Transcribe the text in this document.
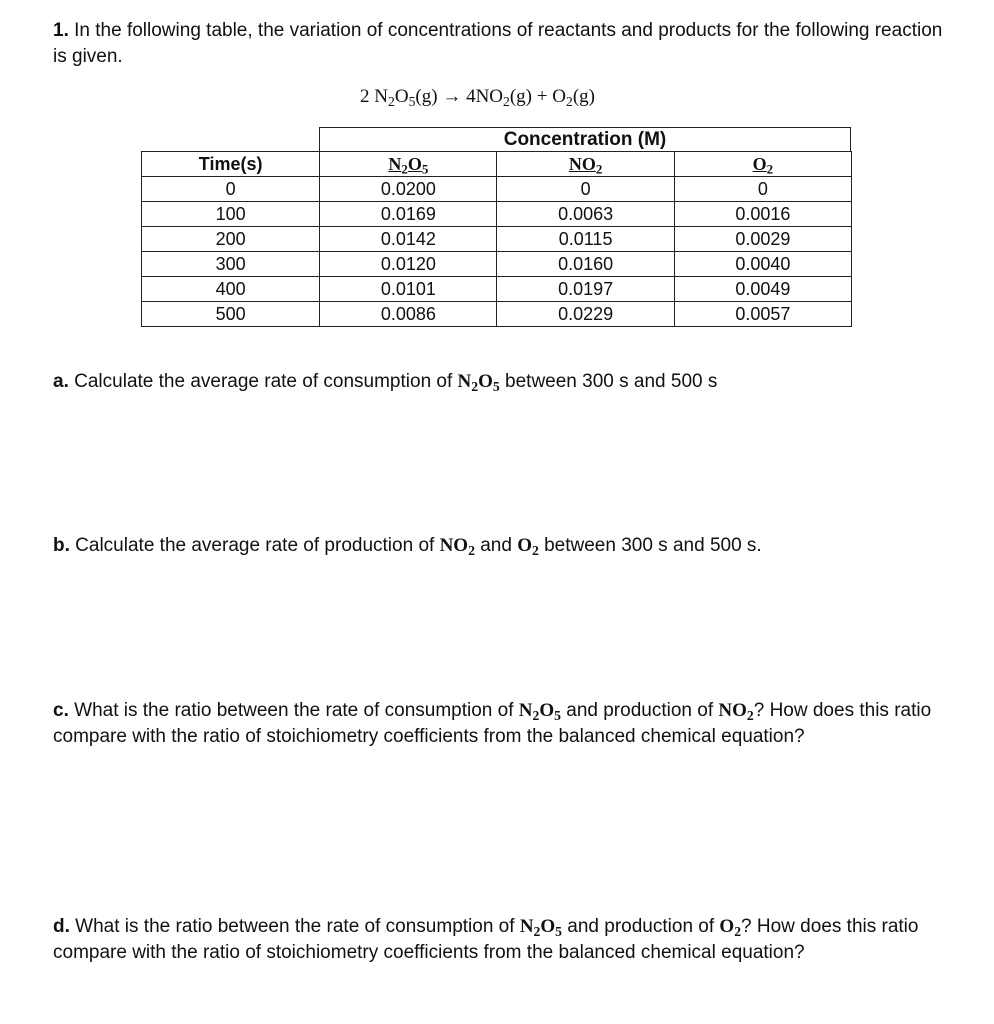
1. In the following table, the variation of concentrations of reactants and products for the following reaction is given.
2 $N_2O_5(g) \to 4NO_2(g) + O_2(g)$
Concentration (M)
Time(s)	$N_2O_5$	$NO_2$	$O_2$
0	0.0200	0	0
100	0.0169	0.0063	0.0016
200	0.0142	0.0115	0.0029
300	0.0120	0.0160	0.0040
400	0.0101	0.0197	0.0049
500	0.0086	0.0229	0.0057
a. Calculate the average rate of consumption of $N_2O_5$ between 300 s and 500 s
b. Calculate the average rate of production of $NO_2$ and $O_2$ between 300 s and 500 s.
c. What is the ratio between the rate of consumption of $N_2O_5$ and production of $NO_2$? How does this ratio compare with the ratio of stoichiometry coefficients from the balanced chemical equation?
d. What is the ratio between the rate of consumption of $N_2O_5$ and production of $O_2$? How does this ratio compare with the ratio of stoichiometry coefficients from the balanced chemical equation?
